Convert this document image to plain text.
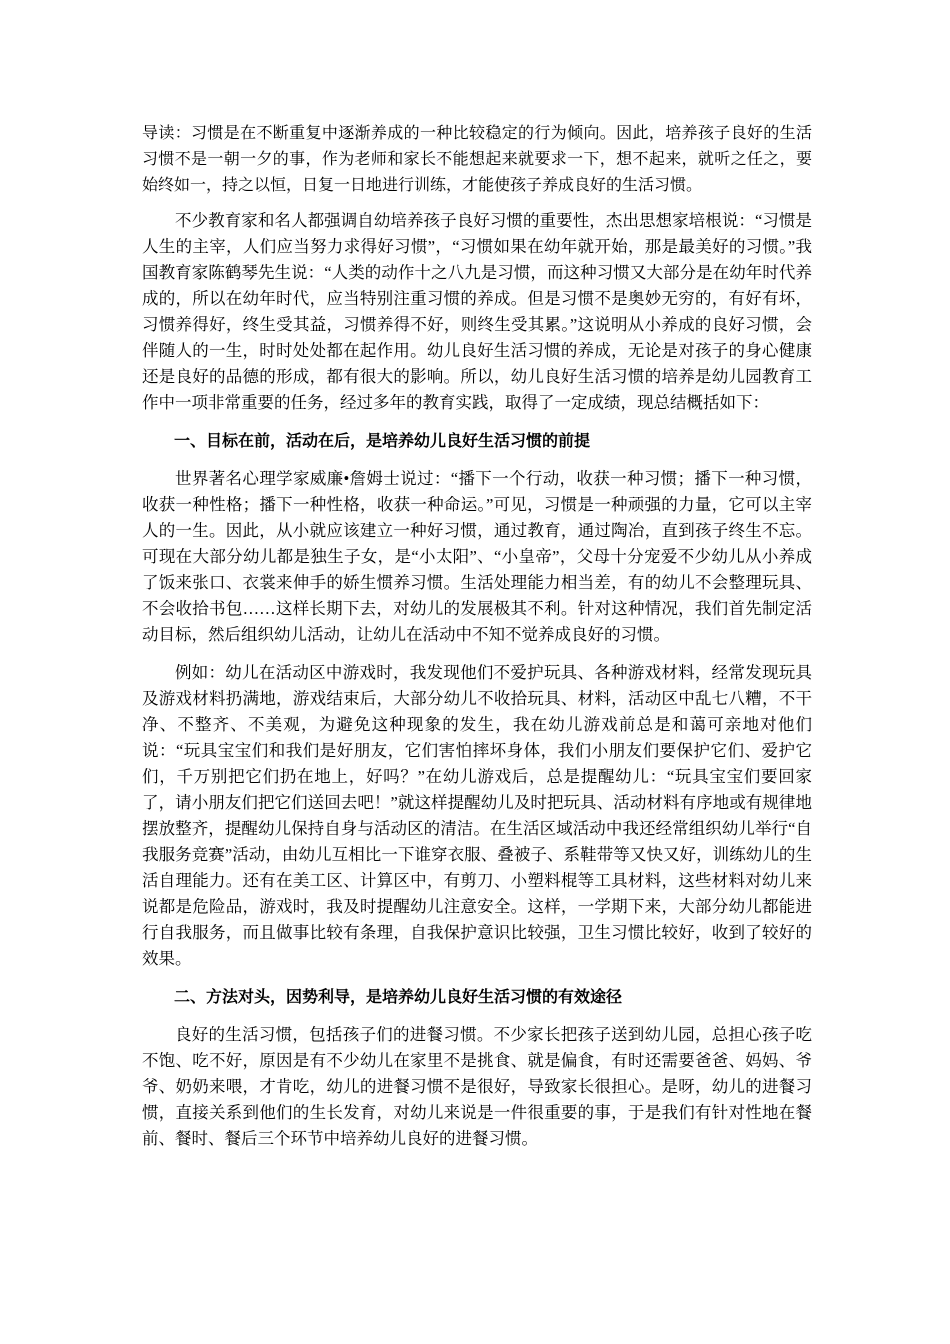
导读：习惯是在不断重复中逐渐养成的一种比较稳定的行为倾向。因此，培养孩子良好的生活习惯不是一朝一夕的事，作为老师和家长不能想起来就要求一下，想不起来，就听之任之，要始终如一，持之以恒，日复一日地进行训练，才能使孩子养成良好的生活习惯。

不少教育家和名人都强调自幼培养孩子良好习惯的重要性，杰出思想家培根说：“习惯是人生的主宰，人们应当努力求得好习惯”，“习惯如果在幼年就开始，那是最美好的习惯。”我国教育家陈鹤琴先生说：“人类的动作十之八九是习惯，而这种习惯又大部分是在幼年时代养成的，所以在幼年时代，应当特别注重习惯的养成。但是习惯不是奥妙无穷的，有好有坏，习惯养得好，终生受其益，习惯养得不好，则终生受其累。”这说明从小养成的良好习惯，会伴随人的一生，时时处处都在起作用。幼儿良好生活习惯的养成，无论是对孩子的身心健康还是良好的品德的形成，都有很大的影响。所以，幼儿良好生活习惯的培养是幼儿园教育工作中一项非常重要的任务，经过多年的教育实践，取得了一定成绩，现总结概括如下：

一、目标在前，活动在后，是培养幼儿良好生活习惯的前提

世界著名心理学家威廉•詹姆士说过：“播下一个行动，收获一种习惯；播下一种习惯，收获一种性格；播下一种性格，收获一种命运。”可见，习惯是一种顽强的力量，它可以主宰人的一生。因此，从小就应该建立一种好习惯，通过教育，通过陶冶，直到孩子终生不忘。可现在大部分幼儿都是独生子女，是“小太阳”、“小皇帝”，父母十分宠爱不少幼儿从小养成了饭来张口、衣裳来伸手的娇生惯养习惯。生活处理能力相当差，有的幼儿不会整理玩具、不会收拾书包……这样长期下去，对幼儿的发展极其不利。针对这种情况，我们首先制定活动目标，然后组织幼儿活动，让幼儿在活动中不知不觉养成良好的习惯。

例如：幼儿在活动区中游戏时，我发现他们不爱护玩具、各种游戏材料，经常发现玩具及游戏材料扔满地，游戏结束后，大部分幼儿不收拾玩具、材料，活动区中乱七八糟，不干净、不整齐、不美观，为避免这种现象的发生，我在幼儿游戏前总是和蔼可亲地对他们说：“玩具宝宝们和我们是好朋友，它们害怕摔坏身体，我们小朋友们要保护它们、爱护它们，千万别把它们扔在地上，好吗？”在幼儿游戏后，总是提醒幼儿：“玩具宝宝们要回家了，请小朋友们把它们送回去吧！”就这样提醒幼儿及时把玩具、活动材料有序地或有规律地摆放整齐，提醒幼儿保持自身与活动区的清洁。在生活区域活动中我还经常组织幼儿举行“自我服务竞赛”活动，由幼儿互相比一下谁穿衣服、叠被子、系鞋带等又快又好，训练幼儿的生活自理能力。还有在美工区、计算区中，有剪刀、小塑料棍等工具材料，这些材料对幼儿来说都是危险品，游戏时，我及时提醒幼儿注意安全。这样，一学期下来，大部分幼儿都能进行自我服务，而且做事比较有条理，自我保护意识比较强，卫生习惯比较好，收到了较好的效果。

二、方法对头，因势利导，是培养幼儿良好生活习惯的有效途径

良好的生活习惯，包括孩子们的进餐习惯。不少家长把孩子送到幼儿园，总担心孩子吃不饱、吃不好，原因是有不少幼儿在家里不是挑食、就是偏食，有时还需要爸爸、妈妈、爷爷、奶奶来喂，才肯吃，幼儿的进餐习惯不是很好，导致家长很担心。是呀，幼儿的进餐习惯，直接关系到他们的生长发育，对幼儿来说是一件很重要的事，于是我们有针对性地在餐前、餐时、餐后三个环节中培养幼儿良好的进餐习惯。
